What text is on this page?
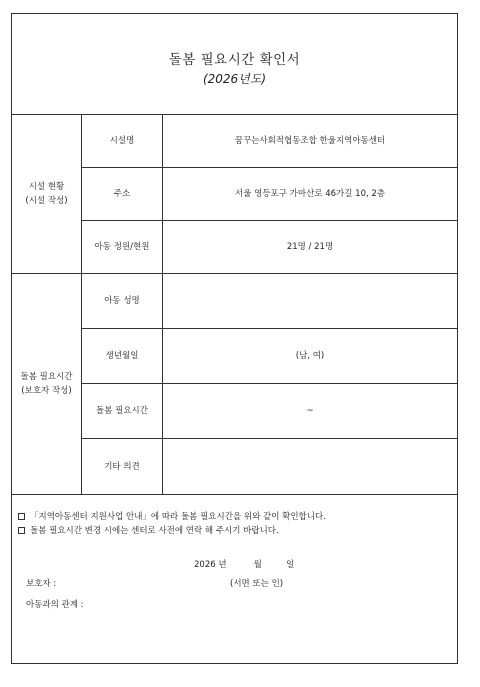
돌봄 필요시간 확인서
(2026년도)
시설 현황
(시설 작성)
시설명	꿈꾸는사회적협동조합 한울지역아동센터
주소	서울 영등포구 가마산로 46가길 10, 2층
아동 정원/현원	21명 / 21명
돌봄 필요시간
(보호자 작성)
아동 성명
생년월일	(남, 여)
돌봄 필요시간	~
기타 의견
「지역아동센터 지원사업 안내」에 따라 돌봄 필요시간을 위와 같이 확인합니다.
돌봄 필요시간 변경 시에는 센터로 사전에 연락 해 주시기 바랍니다.
2026 년          월         일
보호자 :	(서면 또는 인)
아동과의 관계 :
